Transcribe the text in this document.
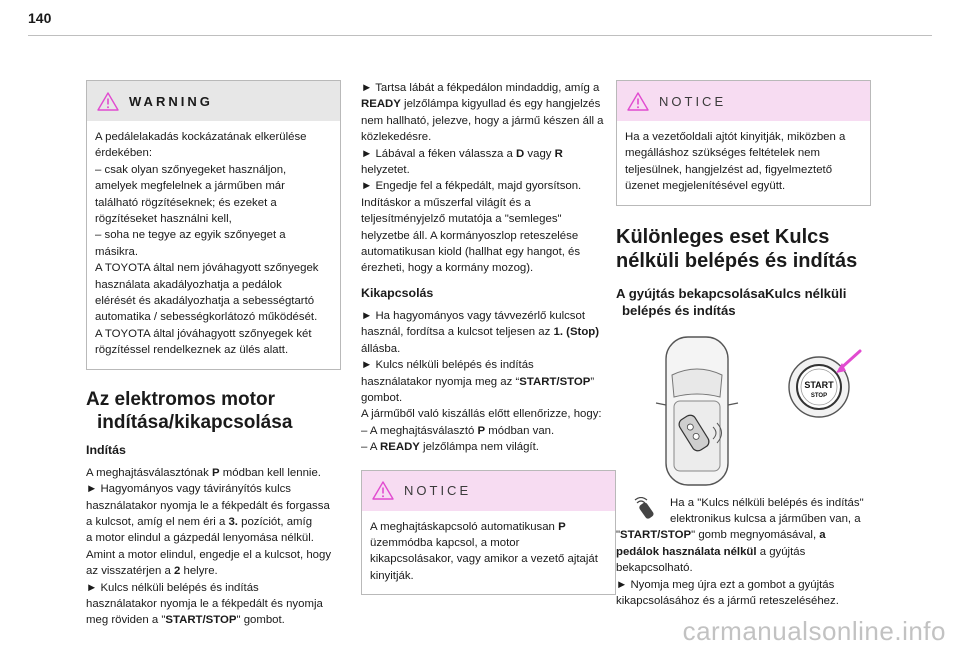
140
WARNING

A pedálelakadás kockázatának elkerülése

érdekében:

– csak olyan szőnyegeket használjon,

amelyek megfelelnek a járműben már

található rögzítéseknek; és ezeket a

rögzítéseket használni kell,

– soha ne tegye az egyik szőnyeget a

másikra.

A TOYOTA által nem jóváhagyott szőnyegek

használata akadályozhatja a pedálok

elérését és akadályozhatja a sebességtartó

automatika / sebességkorlátozó működését.

A TOYOTA által jóváhagyott szőnyegek két

rögzítéssel rendelkeznek az ülés alatt.

Az elektromos motor

indítása/kikapcsolása

Indítás

A meghajtásválasztónak P módban kell lennie.

► Hagyományos vagy távirányítós kulcs

használatakor nyomja le a fékpedált és forgassa

a kulcsot, amíg el nem éri a 3. pozíciót, amíg

a motor elindul a gázpedál lenyomása nélkül.

Amint a motor elindul, engedje el a kulcsot, hogy

az visszatérjen a 2 helyre.

► Kulcs nélküli belépés és indítás

használatakor nyomja le a fékpedált és nyomja

meg röviden a "START/STOP" gombot.

► Tartsa lábát a fékpedálon mindaddig, amíg a

READY jelzőlámpa kigyullad és egy hangjelzés

nem hallható, jelezve, hogy a jármű készen áll a

közlekedésre.

► Lábával a féken válassza a D vagy R

helyzetet.

► Engedje fel a fékpedált, majd gyorsítson.

Indításkor a műszerfal világít és a

teljesítményjelző mutatója a "semleges"

helyzetbe áll. A kormányoszlop reteszelése

automatikusan kiold (hallhat egy hangot, és

érezheti, hogy a kormány mozog).

Kikapcsolás

► Ha hagyományos vagy távvezérlő kulcsot

használ, fordítsa a kulcsot teljesen az 1. (Stop)

állásba.

► Kulcs nélküli belépés és indítás

használatakor nyomja meg az “START/STOP”

gombot.

A járműből való kiszállás előtt ellenőrizze, hogy:

– A meghajtásválasztó P módban van.

– A READY jelzőlámpa nem világít.

NOTICE

A meghajtáskapcsoló automatikusan P

üzemmódba kapcsol, a motor

kikapcsolásakor, vagy amikor a vezető ajtaját

kinyitják.

NOTICE

Ha a vezetőoldali ajtót kinyitják, miközben a

megálláshoz szükséges feltételek nem

teljesülnek, hangjelzést ad, figyelmeztető

üzenet megjelenítésével együtt.

Különleges eset Kulcs

nélküli belépés és indítás

A gyújtás bekapcsolásaKulcs nélküli

belépés és indítás

START
STOP

Ha a "Kulcs nélküli belépés és indítás"

elektronikus kulcsa a járműben van, a

"START/STOP" gomb megnyomásával, a

pedálok használata nélkül a gyújtás

bekapcsolható.

► Nyomja meg újra ezt a gombot a gyújtás

kikapcsolásához és a jármű reteszeléséhez.

carmanualsonline.info
